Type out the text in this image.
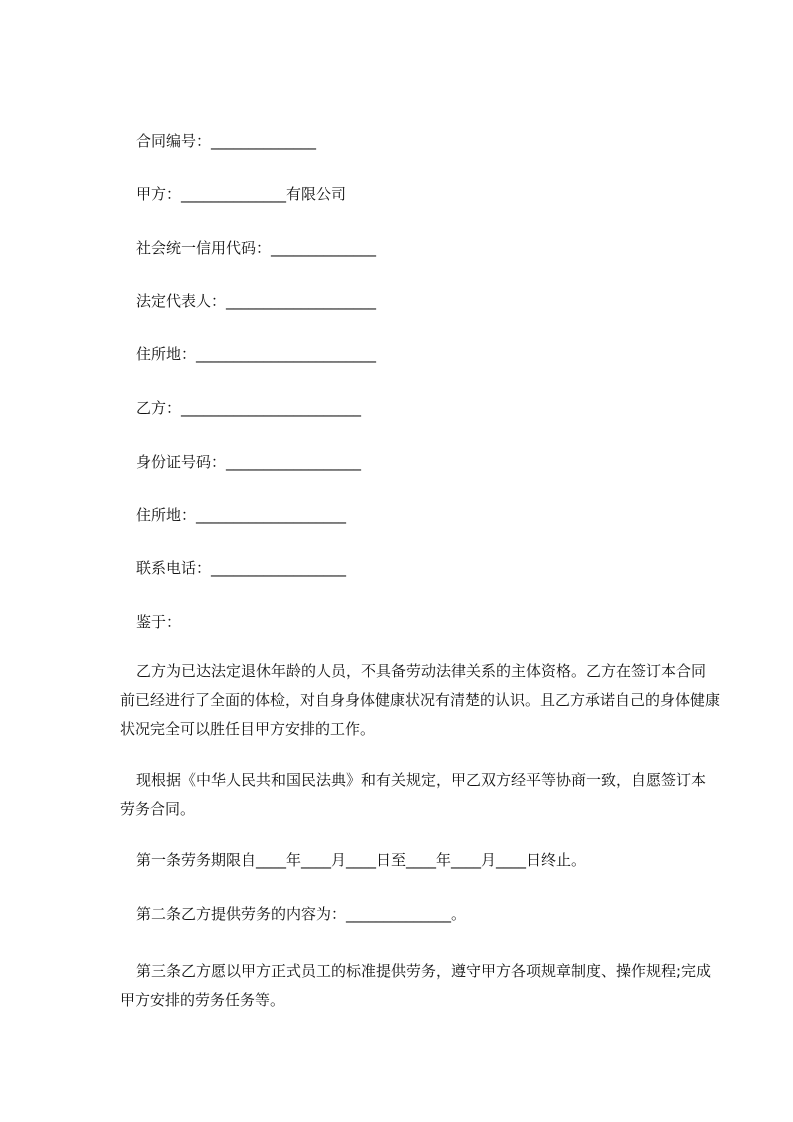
合同编号：______________
甲方：______________有限公司
社会统一信用代码：______________
法定代表人：____________________
住所地：________________________
乙方：________________________
身份证号码：__________________
住所地：____________________
联系电话：__________________
鉴于：
乙方为已达法定退休年龄的人员，不具备劳动法律关系的主体资格。乙方在签订本合同前已经进行了全面的体检，对自身身体健康状况有清楚的认识。且乙方承诺自己的身体健康状况完全可以胜任目甲方安排的工作。
现根据《中华人民共和国民法典》和有关规定，甲乙双方经平等协商一致，自愿签订本劳务合同。
第一条劳务期限自____年____月____日至____年____月____日终止。
第二条乙方提供劳务的内容为：______________。
第三条乙方愿以甲方正式员工的标准提供劳务，遵守甲方各项规章制度、操作规程;完成甲方安排的劳务任务等。
